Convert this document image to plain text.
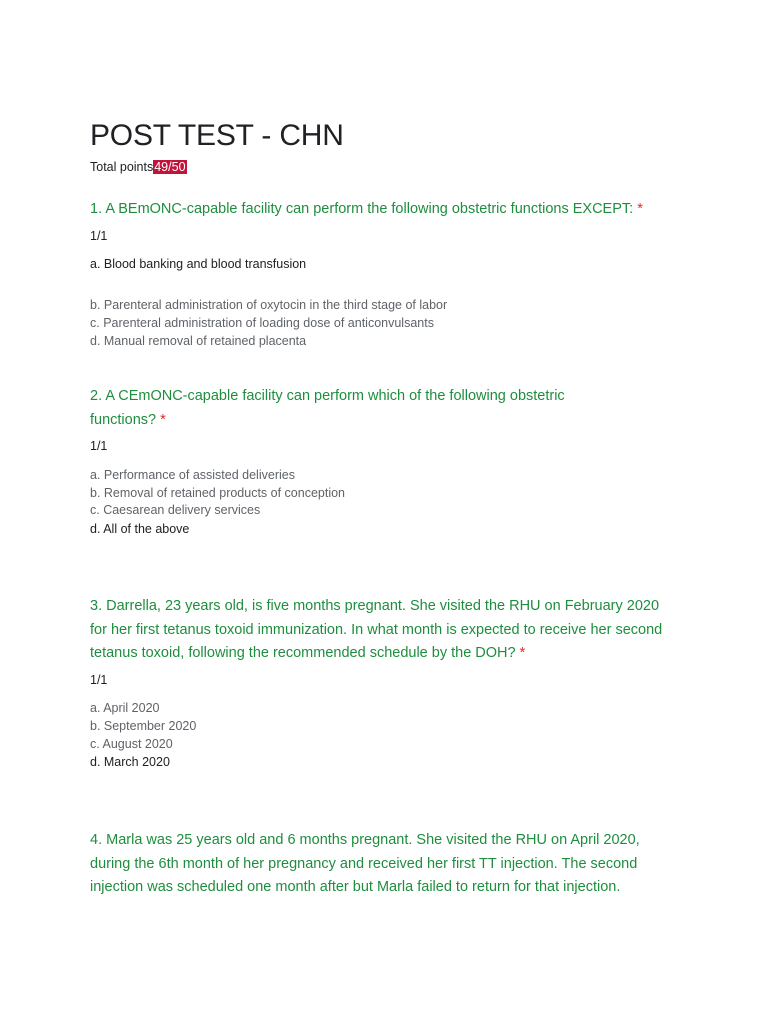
POST TEST - CHN
Total points49/50
1. A BEmONC-capable facility can perform the following obstetric functions EXCEPT: *
1/1
a. Blood banking and blood transfusion
b. Parenteral administration of oxytocin in the third stage of labor
c. Parenteral administration of loading dose of anticonvulsants
d. Manual removal of retained placenta
2. A CEmONC-capable facility can perform which of the following obstetric functions? *
1/1
a. Performance of assisted deliveries
b. Removal of retained products of conception
c. Caesarean delivery services
d. All of the above
3. Darrella, 23 years old, is five months pregnant. She visited the RHU on February 2020 for her first tetanus toxoid immunization. In what month is expected to receive her second tetanus toxoid, following the recommended schedule by the DOH? *
1/1
a. April 2020
b. September 2020
c. August 2020
d. March 2020
4. Marla was 25 years old and 6 months pregnant. She visited the RHU on April 2020, during the 6th month of her pregnancy and received her first TT injection. The second injection was scheduled one month after but Marla failed to return for that injection.
